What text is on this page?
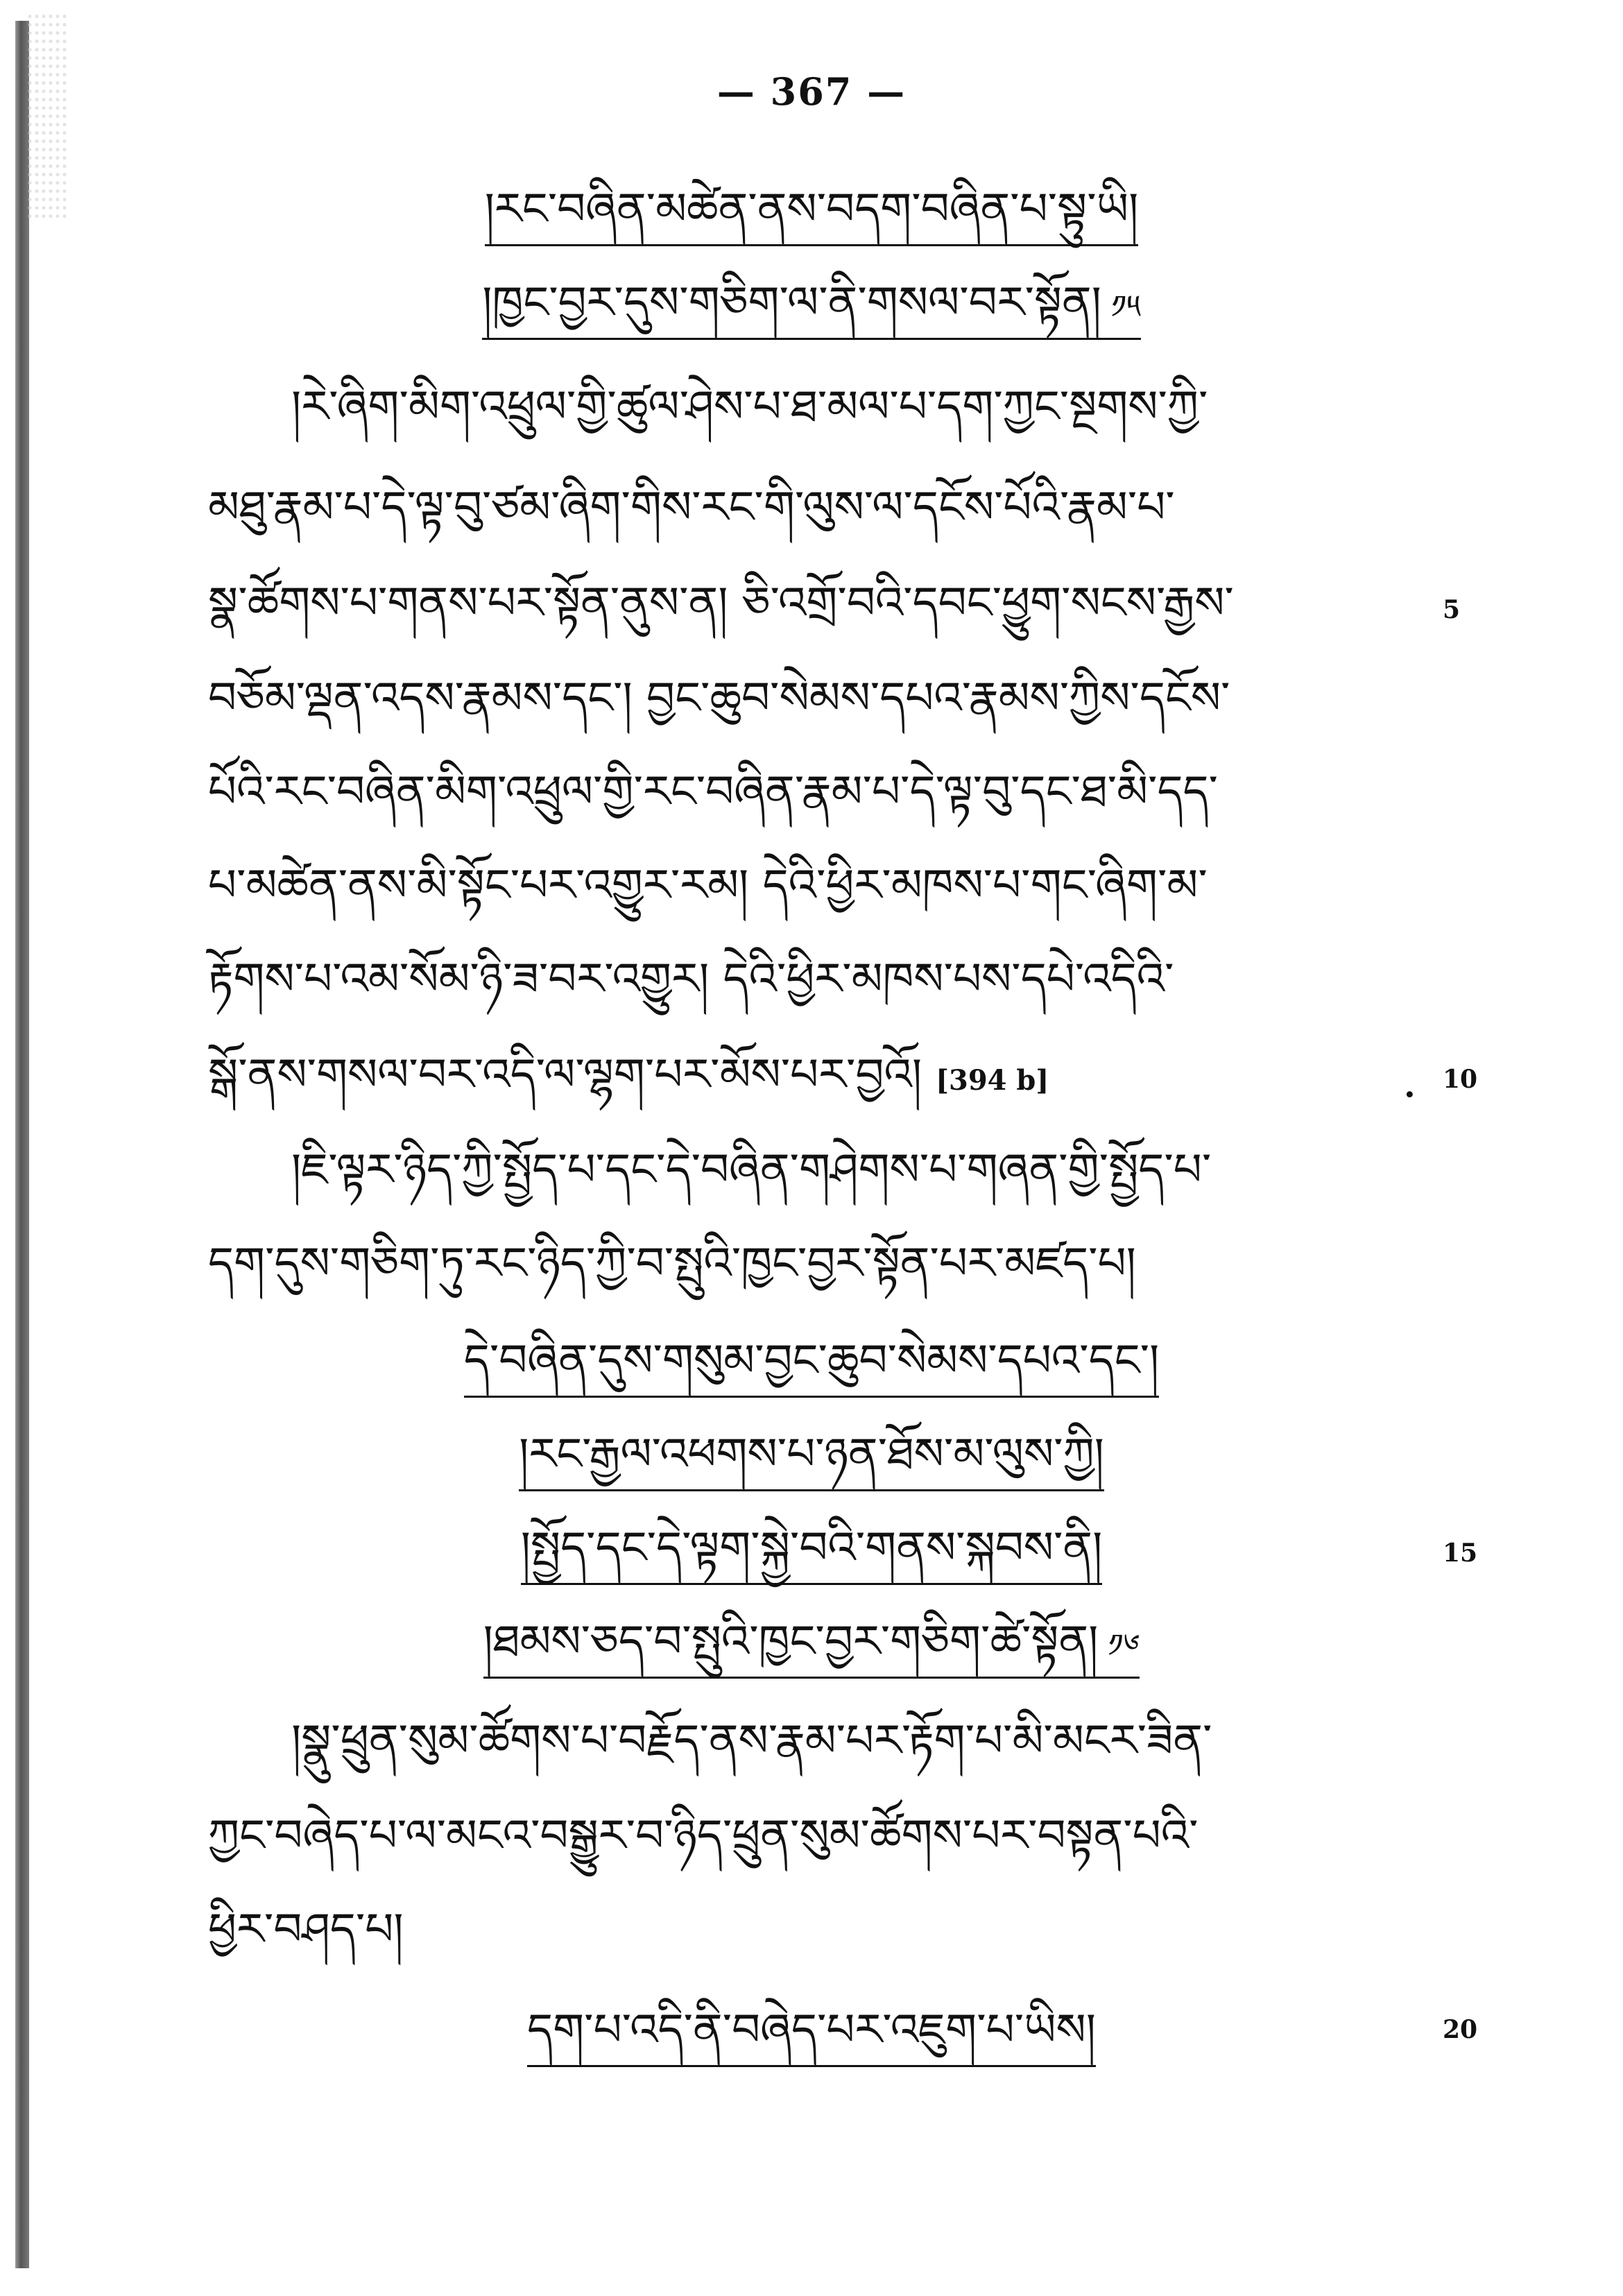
— 367 —
།རང་བཞིན་མཚེན་ནས་བདག་བཞིན་པ་སྟུ་ཡི།
།ཁྱང་བྱར་དུས་གཅིག་ལ་ནི་གསལ་བར་སྟོན། ༡༥
།རེ་ཞིག་མིག་འཕྲུལ་གྱི་ཚུལ་ཤེས་པ་ཐ་མལ་པ་དག་ཀྱང་སྔགས་ཀྱི་
མཐུ་རྣམ་པ་དེ་ལྟ་བུ་ཙམ་ཞིག་གིས་རང་གི་ལུས་ལ་དངོས་པོའི་རྣམ་པ་
སྣ་ཚོགས་པ་གནས་པར་སྟོན་ནུས་ན། ཅི་འགྲོ་བའི་དབང་ཕྱུག་སངས་རྒྱས་
བཅོམ་ལྡན་འདས་རྣམས་དང་། བྱང་ཆུབ་སེམས་དཔའ་རྣམས་ཀྱིས་དངོས་
པོའི་རང་བཞིན་མིག་འཕྲུལ་གྱི་རང་བཞིན་རྣམ་པ་དེ་ལྟ་བུ་དང་ཐ་མི་དད་
པ་མཚེན་ནས་མི་སྟོང་པར་འགྱུར་རམ། དེའི་ཕྱིར་མཁས་པ་གང་ཞིག་མ་
རྟོགས་པ་འམ་སོམ་ཉི་ཟ་བར་འགྱུར། དེའི་ཕྱིར་མཁས་པས་དཔེ་འདིའི་
སྒོ་ནས་གསལ་བར་འདི་ལ་ལྷག་པར་མོས་པར་བྱའོ། [394 b]	·
།ཇི་ལྟར་ཉིད་ཀྱི་སྤྱོད་པ་དང་དེ་བཞིན་གཤེགས་པ་གཞན་གྱི་སྤྱོད་པ་
དག་དུས་གཅིག་ཏུ་རང་ཉིད་ཀྱི་བ་སྤུའི་ཁྱང་བྱར་སྟོན་པར་མཛད་པ།
དེ་བཞིན་དུས་གསུམ་བྱང་ཆུབ་སེམས་དཔའ་དང་།
།རང་རྒྱལ་འཕགས་པ་ཉན་ཐོས་མ་ལུས་ཀྱི།
།སྤྱོད་དང་དེ་ལྟག་སྐྱེ་བའི་གནས་སྐབས་ནི།
།ཐམས་ཅད་བ་སྤུའི་ཁྱང་བྱར་གཅིག་ཚེ་སྟོན། ༡༦
།སྣུ་ཕྲུན་སུམ་ཚོགས་པ་བརྗོད་ནས་རྣམ་པར་རྟོག་པ་མི་མངར་ཟིན་
ཀྱང་བཞེད་པ་ལ་མངའ་བསྒྱུར་བ་ཉིད་ཕྲུན་སུམ་ཚོགས་པར་བསྟན་པའི་
ཕྱིར་བཤད་པ།
དག་པ་འདི་ནི་བཞེད་པར་འཇུག་པ་ཡིས།
5
10
15
20
